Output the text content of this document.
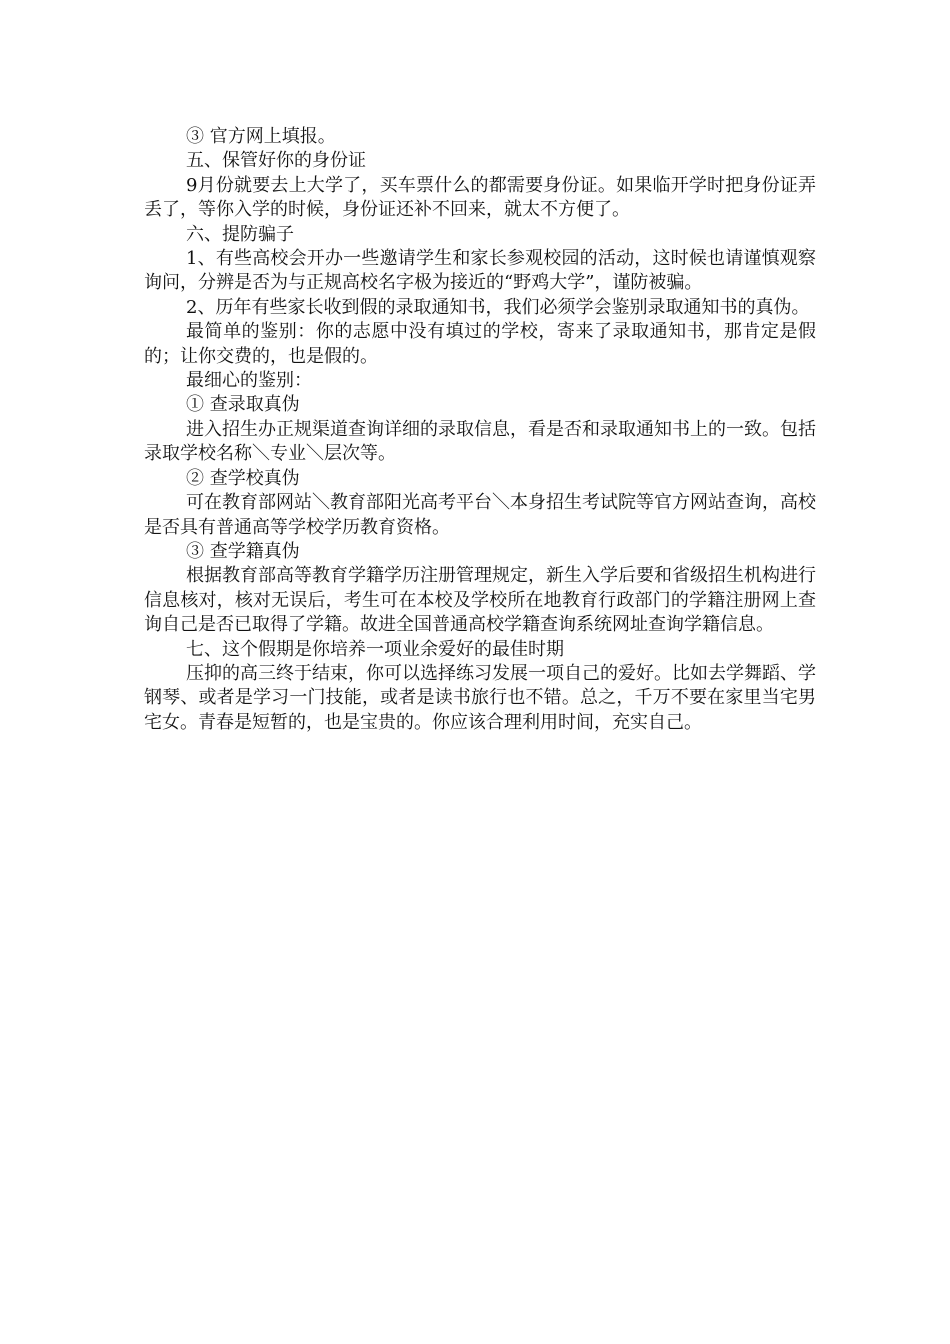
③ 官方网上填报。

五、保管好你的身份证

9月份就要去上大学了，买车票什么的都需要身份证。如果临开学时把身份证弄丢了，等你入学的时候，身份证还补不回来，就太不方便了。

六、提防骗子

1、有些高校会开办一些邀请学生和家长参观校园的活动，这时候也请谨慎观察询问，分辨是否为与正规高校名字极为接近的“野鸡大学”，谨防被骗。

2、历年有些家长收到假的录取通知书，我们必须学会鉴别录取通知书的真伪。

最简单的鉴别：你的志愿中没有填过的学校，寄来了录取通知书，那肯定是假的；让你交费的，也是假的。

最细心的鉴别：

① 查录取真伪

进入招生办正规渠道查询详细的录取信息，看是否和录取通知书上的一致。包括录取学校名称＼专业＼层次等。

② 查学校真伪

可在教育部网站＼教育部阳光高考平台＼本身招生考试院等官方网站查询，高校是否具有普通高等学校学历教育资格。

③ 查学籍真伪

根据教育部高等教育学籍学历注册管理规定，新生入学后要和省级招生机构进行信息核对，核对无误后，考生可在本校及学校所在地教育行政部门的学籍注册网上查询自己是否已取得了学籍。故进全国普通高校学籍查询系统网址查询学籍信息。

七、这个假期是你培养一项业余爱好的最佳时期

压抑的高三终于结束，你可以选择练习发展一项自己的爱好。比如去学舞蹈、学钢琴、或者是学习一门技能，或者是读书旅行也不错。总之，千万不要在家里当宅男宅女。青春是短暂的，也是宝贵的。你应该合理利用时间，充实自己。
